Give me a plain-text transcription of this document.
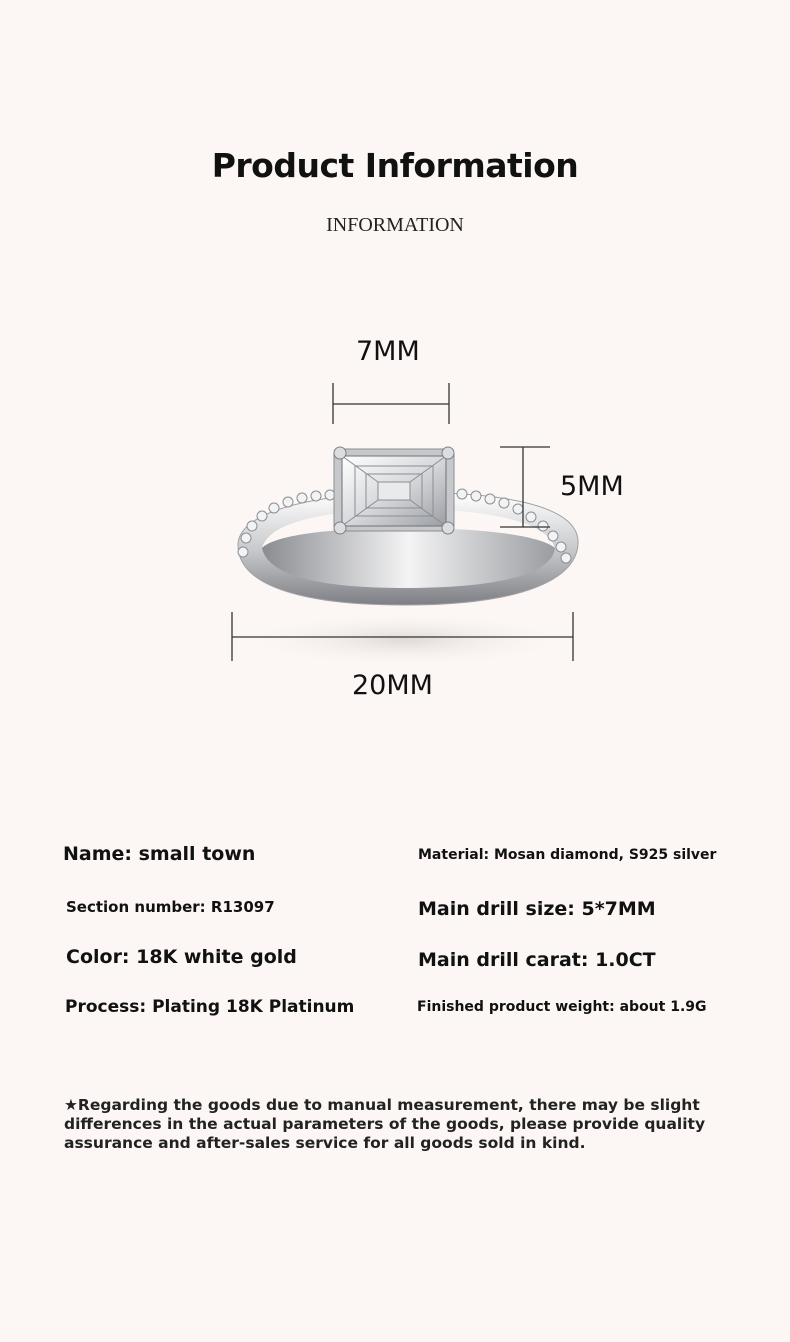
Product Information
INFORMATION
7MM
5MM
20MM
Name: small town	Material: Mosan diamond, S925 silver
Section number: R13097	Main drill size: 5*7MM
Color: 18K white gold	Main drill carat: 1.0CT
Process: Plating 18K Platinum	Finished product weight: about 1.9G
★Regarding the goods due to manual measurement, there may be slight differences in the actual parameters of the goods, please provide quality assurance and after-sales service for all goods sold in kind.
